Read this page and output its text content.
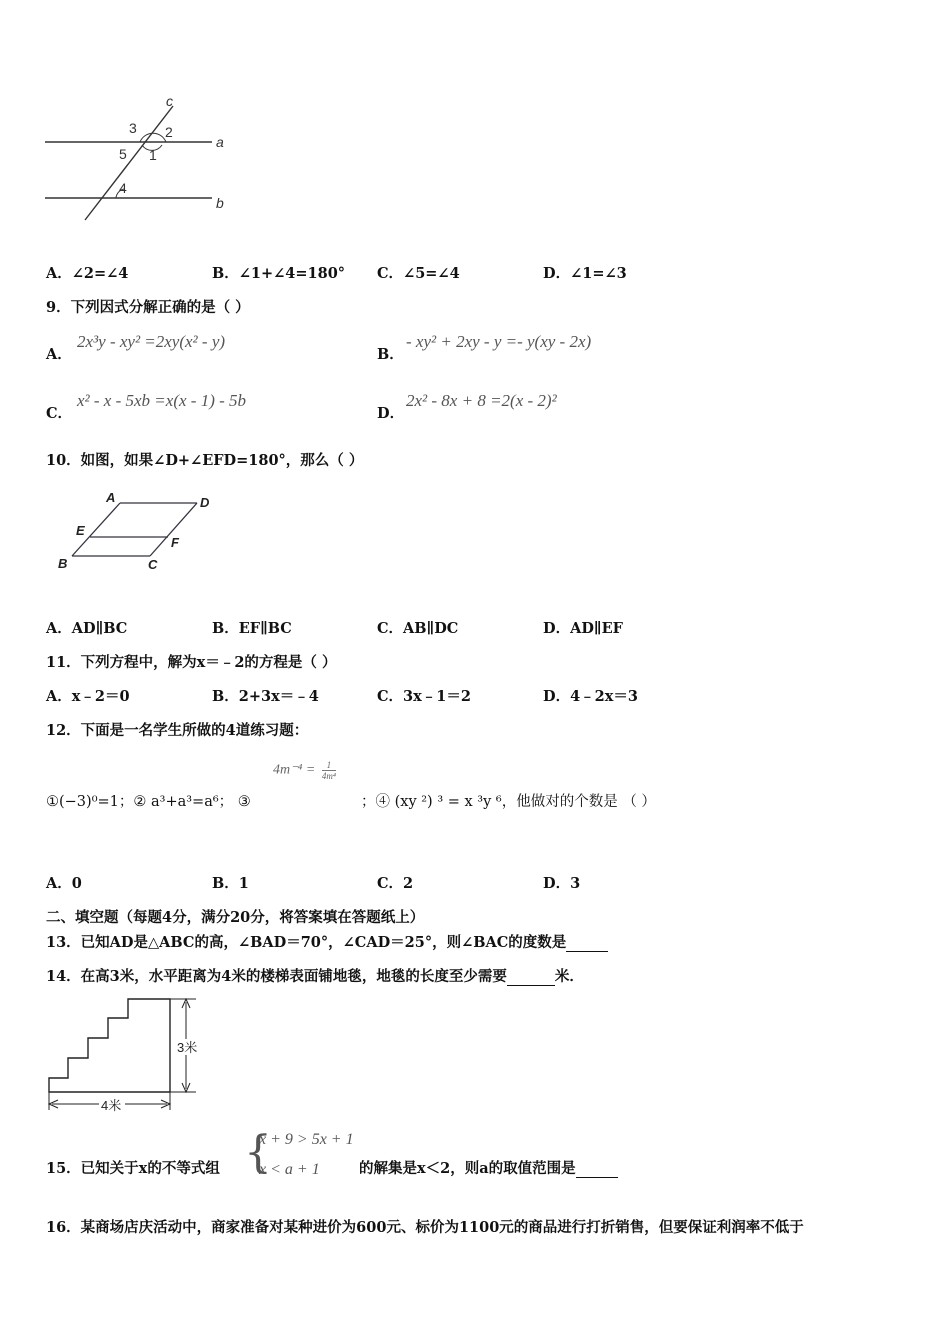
c
3 2
a
5 1
4
b
A．∠2=∠4	B．∠1+∠4=180° C．∠5=∠4	D．∠1=∠3
9．下列因式分解正确的是（ ）
A．
2x³y - xy² =2xy(x² - y)
B．
- xy² + 2xy - y =- y(xy - 2x)
C．
x² - x - 5xb =x(x - 1) - 5b
D．
2x² - 8x + 8 =2(x - 2)²
10．如图，如果∠D+∠EFD=180°，那么（ ）
A	D
E
F
B	C
A．AD∥BC	B．EF∥BC	C．AB∥DC	D．AD∥EF
11．下列方程中，解为x＝﹣2的方程是（ ）
A．x﹣2＝0	B．2+3x＝﹣4	C．3x﹣1＝2	D．4﹣2x＝3
12．下面是一名学生所做的4道练习题：
$4m^{-4} = \frac{1}{\text{4m⁴}}$
①(−3)⁰=1；② a³+a³=a⁶； ③	；④ (xy ²) ³ = x ³y ⁶，他做对的个数是 （ ）
A．0	B．1	C．2	D．3
二、填空题（每题4分，满分20分，将答案填在答题纸上）
13．已知AD是△ABC的高，∠BAD＝70°，∠CAD＝25°，则∠BAC的度数是
14．在高3米，水平距离为4米的楼梯表面铺地毯，地毯的长度至少需要	米．
3米
4米
15．已知关于x的不等式组 {
x + 9 > 5x + 1
x < a + 1	的解集是x＜2，则a的取值范围是
16．某商场店庆活动中，商家准备对某种进价为600元、标价为1100元的商品进行打折销售，但要保证利润率不低于
